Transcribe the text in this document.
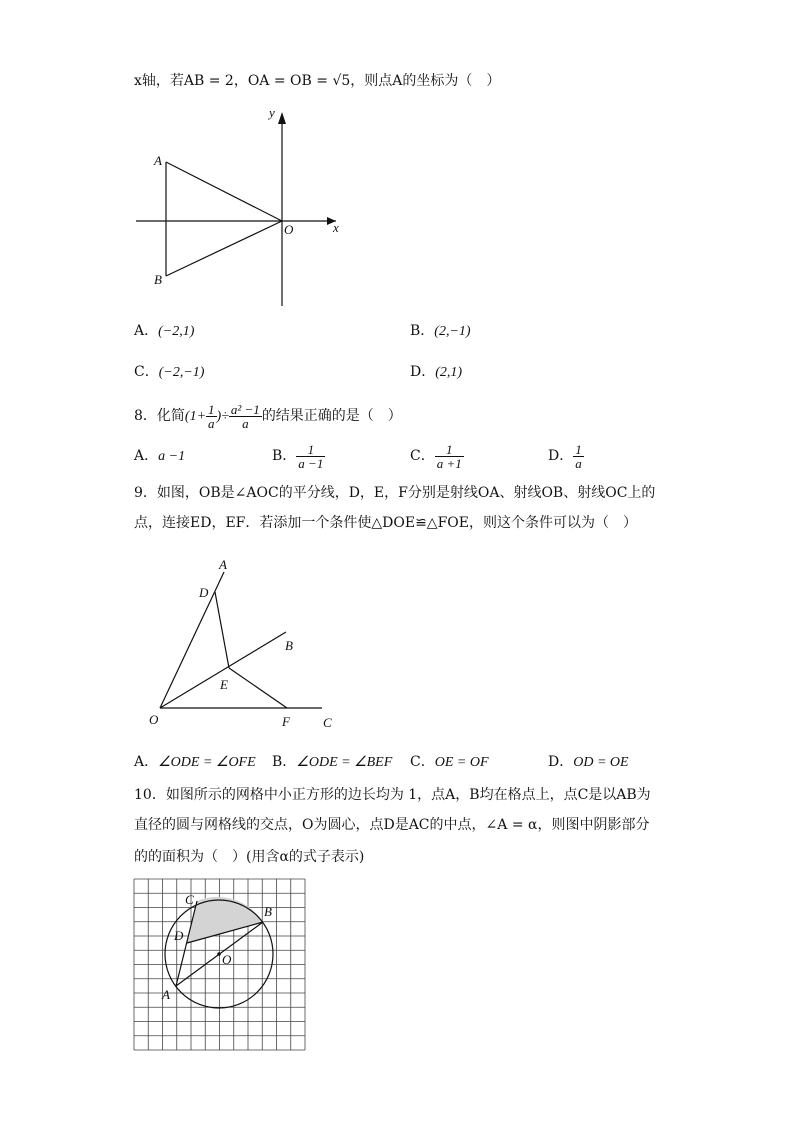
x轴，若AB = 2，OA = OB = √5，则点A的坐标为（　）
y
x
A
B
O
A．(−2,1)	B．(2,−1)
C．(−2,−1)	D．(2,1)
8．化简($1+ \frac{1}{a}$ )÷ $\frac{\text{a² −1}}{a}$ 的结果正确的是（　）
A．a −1	B． $\frac{1}{a -1}$	C． $\frac{1}{a +1}$	D． $\frac{1}{a}$
9．如图，OB是∠AOC的平分线，D，E，F分别是射线OA、射线OB、射线OC上的
点，连接ED，EF．若添加一个条件使△DOE≌△FOE，则这个条件可以为（　）
A
D
B
E
O	F	C
A．∠ODE = ∠OFE B．∠ODE = ∠BEF C．OE = OF	D．OD = OE
10．如图所示的网格中小正方形的边长均为 1，点A，B均在格点上，点C是以AB为
直径的圆与网格线的交点，O为圆心，点D是AC的中点，∠A = α，则图中阴影部分
的的面积为（　）(用含α的式子表示)
C
B
D
O
A
